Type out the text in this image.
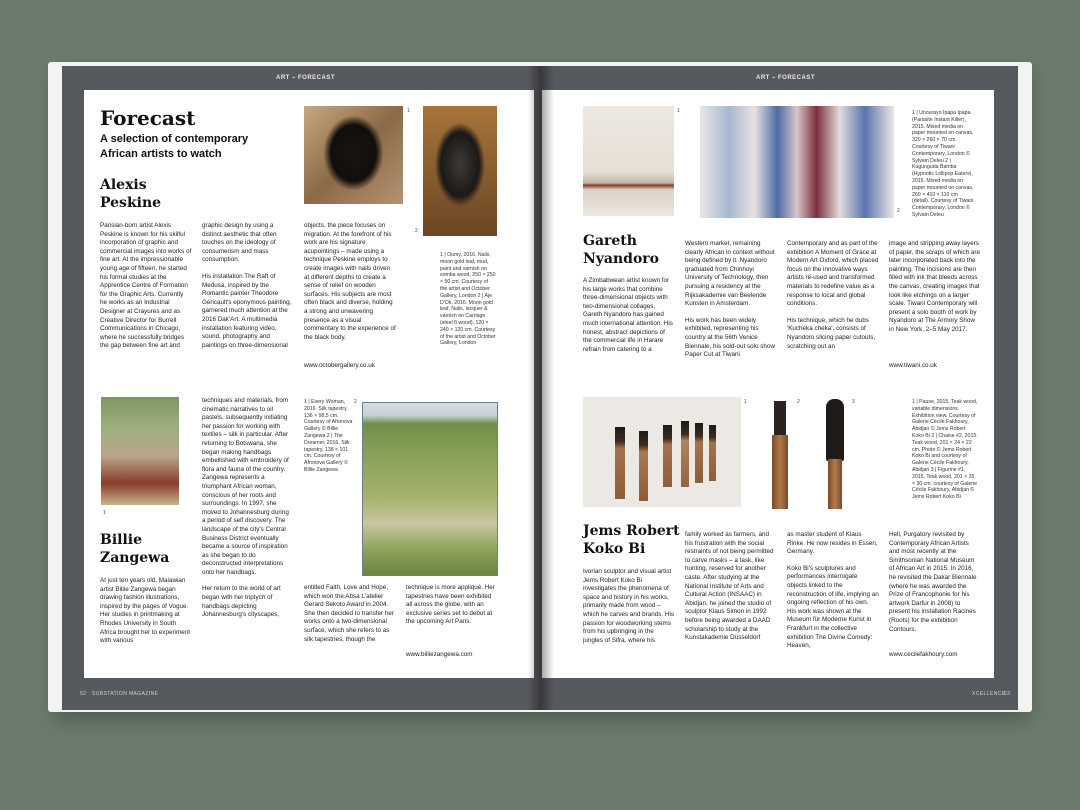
ART – FORECAST	ART – FORECAST
Forecast
A selection of contemporary
African artists to watch
Alexis
Peskine
1
2
1 | Oumy, 2016. Nails, moon gold leaf, mud, paint and varnish on somba wood, 250 × 250 × 50 cm. Courtesy of the artist and October Gallery, London 2 | Aje D'Ok, 2016. Moon gold leaf, Nails, lacquer & varnish on Carriage (steel 6 wood), 120 × 240 × 120 cm. Courtesy of the artist and October Gallery, London

Parisian-born artist Alexis Peskine is known for his skilful incorporation of graphic and commercial images into works of fine art. At the impressionable young age of fifteen, he started his formal studies at the Apprentice Centre of Formation for the Graphic Arts. Currently he works as an Industrial Designer at Crayures and as Creative Director for Burrell Communications in Chicago, where he successfully bridges the gap between fine art and

graphic design by using a distinct aesthetic that often touches on the ideology of consumerism and mass consumption.

His installation The Raft of Medusa, inspired by the Romantic painter Theodore Géricault's eponymous painting, garnered much attention at the 2016 Dak'Art. A multimedia installation featuring video, sound, photography and paintings on three-dimensional

objects, the piece focuses on migration. At the forefront of his work are his signature acupointings – made using a technique Peskine employs to create images with nails driven at different depths to create a sense of relief on wooden surfaces. His subjects are most often black and diverse, holding a strong and unwavering presence as a visual commentary to the experience of the black body.

www.octobergallery.co.uk
1
Billie
Zangewa

At just ten years old, Malawian artist Billie Zangewa began drawing fashion illustrations, inspired by the pages of Vogue. Her studies in printmaking at Rhodes University in South Africa brought her to experiment with various

techniques and materials, from cinematic narratives to oil pastels, subsequently initiating her passion for working with textiles – silk in particular. After returning to Botswana, she began making handbags embellished with embroidery of flora and fauna of the country. Zangewa represents a triumphant African woman, conscious of her roots and surroundings. In 1997, she moved to Johannesburg during a period of self discovery. The landscape of the city's Central Business District eventually became a source of inspiration as she began to do deconstructed interpretations onto her handbags.

Her return to the world of art began with her triptych of handbags depicting Johannesburg's cityscapes,

1 | Every Woman, 2016. Silk tapestry, 136 × 98.5 cm. Courtesy of Afronova Gallery © Billie Zangewa 2 | The Dreamer, 2016. Silk tapestry, 138 × 101 cm. Courtesy of Afronova Gallery © Billie Zangewa
2

entitled Faith, Love and Hope, which won the Absa L'atelier Gerard Sekoto Award in 2004. She then decided to transfer her works onto a two-dimensional surface, which she refers to as silk tapestries, though the

technique is more appliqué. Her tapestries have been exhibited all across the globe, with an exclusive series set to debut at the upcoming Art Paris.

www.billiezangewa.com
1
2
1 | Unourayo Ipapa Ipapa (Parasite Instant Killer), 2015. Mixed media on paper mounted on canvas, 320 × 260 × 70 cm. Courtesy of Tiwani Contemporary, London © Sylvain Deleu 2 | Kugunguda Bamba (Hypnotic Lollipop Eaters), 2015. Mixed media on paper mounted on canvas, 260 × 410 × 110 cm (detail). Courtesy of Tiwani Contemporary, London © Sylvain Deleu
Gareth
Nyandoro

A Zimbabwean artist known for his large works that combine three-dimensional objects with two-dimensional collages, Gareth Nyandoro has gained much international attention. His honest, abstract depictions of the commercial life in Harare refrain from catering to a

Western market, remaining clearly African in context without being defined by it. Nyandoro graduated from Chinhoyi University of Technology, then pursuing a residency at the Rijksakademie van Beelende Kunsten in Amsterdam.

His work has been widely exhibited, representing his country at the 56th Venice Biennale, his sold-out solo show Paper Cut at Tiwani

Contemporary and as part of the exhibition A Moment of Grace at Modern Art Oxford, which placed focus on the innovative ways artists re-used and transformed materials to redefine value as a response to local and global conditions.

His technique, which he dubs 'Kuchekа cheka', consists of Nyandoro slicing paper cutouts, scratching out an

image and stripping away layers of paper, the scraps of which are later incorporated back into the painting. The incisions are then filled with ink that bleeds across the canvas, creating images that look like etchings on a larger scale. Tiwani Contemporary will present a solo booth of work by Nyandoro at The Armory Show in New York, 2–5 May 2017.

www.tiwani.co.uk
1	2	3	1 | Pause, 2015. Teak wood, variable dimensions. Exhibition view. Courtesy of Galerie Cécile Fakhoury, Abidjan © Jems Robert Koko Bi 2 | Chaise #2, 2015. Teak wood, 201 × 24 × 22 cm. Photo © Jems Robert Koko Bi and courtesy of Galerie Cécile Fakhoury, Abidjan 3 | Figurine #1, 2015. Teak wood, 201 × 35 × 30 cm. courtesy of Galerie Cécile Fakhoury, Abidjan © Jems Robert Koko Bi
Jems Robert
Koko Bi

Ivorian sculptor and visual artist Jems Robert Koko Bi investigates the phenomena of space and history in his works, primarily made from wood – which he carves and brands. His passion for woodworking stems from his upbringing in the jungles of Sifra, where his

family worked as farmers, and his frustration with the social restraints of not being permitted to carve masks – a task, like hunting, reserved for another caste. After studying at the National Institute of Arts and Cultural Action (INSAAC) in Abidjan, he joined the studio of sculptor Klaus Simon in 1992 before being awarded a DAAD scholarship to study at the Kunstakademie Düsseldorf

as master student of Klaus Rinke. He now resides in Essen, Germany.

Koko Bi's sculptures and performances interrogate objects linked to the reconstruction of life, implying an ongoing reflection of his own. His work was shown at the Museum für Moderne Kunst in Frankfurt in the collective exhibition The Divine Comedy: Heaven,

Hell, Purgatory revisited by Contemporary African Artists and most recently at the Smithsonian National Museum of African Art in 2015. In 2016, he revisited the Dakar Biennale (where he was awarded the Prize of Francophonie for his artwork Darfur in 2008) to present his installation Racines (Roots) for the exhibition Contours.

www.cecilefakhoury.com
52 SUBSTATION MAGAZINE	XCELLENCE
53
